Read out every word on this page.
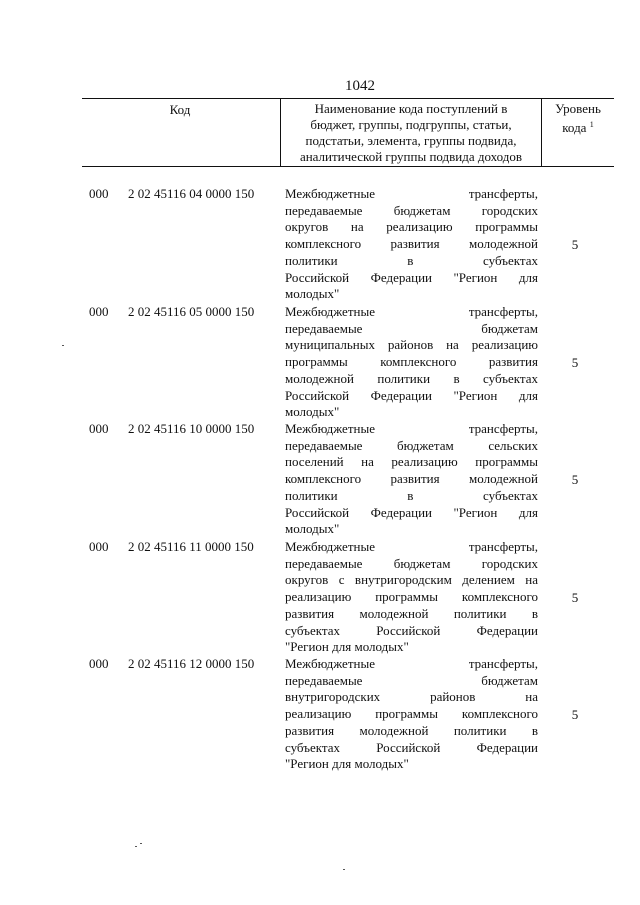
1042
Код	Наименование кода поступлений в
бюджет, группы, подгруппы, статьи,
подстатьи, элемента, группы подвида,
аналитической группы подвида доходов
Уровень
кода $^1$
000 2 02 45116 04 0000 150 Межбюджетные трансферты,
передаваемые бюджетам городских
округов на реализацию программы
комплексного развития молодежной
политики в субъектах
Российской Федерации "Регион для
молодых"
5
000 2 02 45116 05 0000 150 Межбюджетные трансферты,
передаваемые бюджетам
муниципальных районов на реализацию
программы комплексного развития
молодежной политики в субъектах
Российской Федерации "Регион для
молодых"
5
000 2 02 45116 10 0000 150 Межбюджетные трансферты,
передаваемые бюджетам сельских
поселений на реализацию программы
комплексного развития молодежной
политики в субъектах
Российской Федерации "Регион для
молодых"
5
000 2 02 45116 11 0000 150 Межбюджетные трансферты,
передаваемые бюджетам городских
округов с внутригородским делением на
реализацию программы комплексного
развития молодежной политики в
субъектах Российской Федерации
"Регион для молодых"
5
000 2 02 45116 12 0000 150 Межбюджетные трансферты,
передаваемые бюджетам
внутригородских районов на
реализацию программы комплексного
развития молодежной политики в
субъектах Российской Федерации
"Регион для молодых"
5
